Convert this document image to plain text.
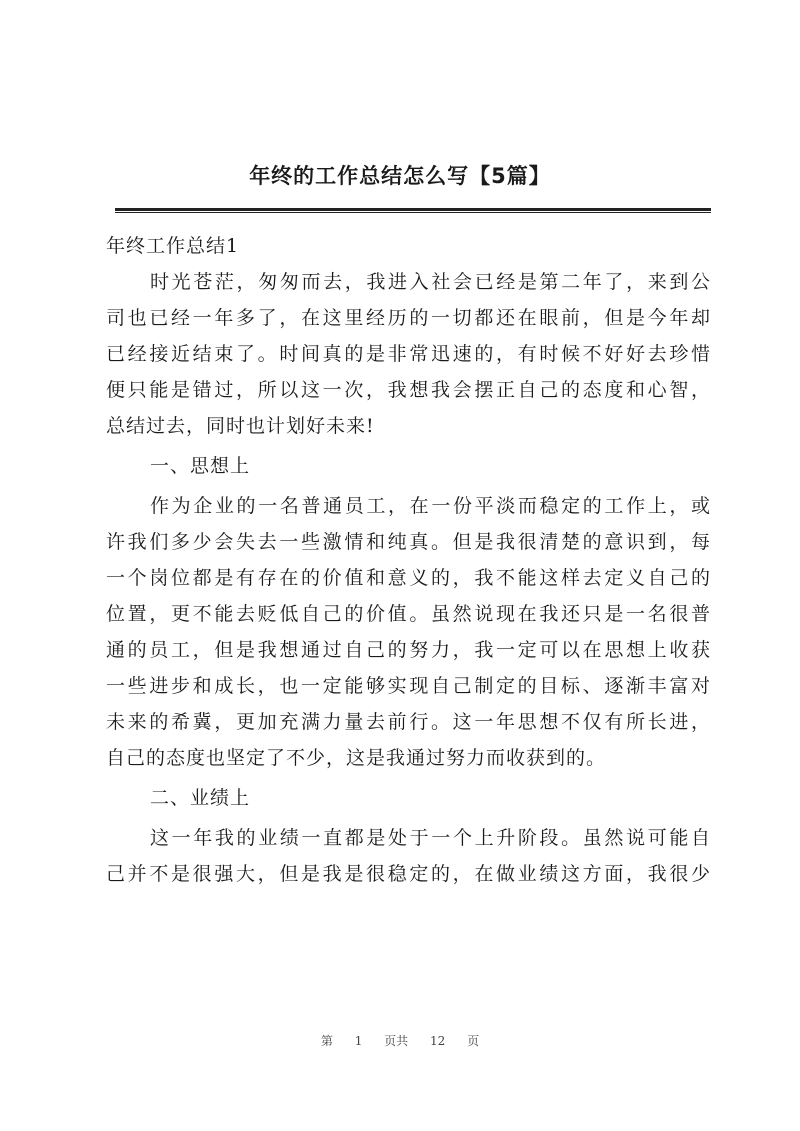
年终的工作总结怎么写【5篇】
年终工作总结1
时光苍茫，匆匆而去，我进入社会已经是第二年了，来到公
司也已经一年多了，在这里经历的一切都还在眼前，但是今年却
已经接近结束了。时间真的是非常迅速的，有时候不好好去珍惜
便只能是错过，所以这一次，我想我会摆正自己的态度和心智，
总结过去，同时也计划好未来!
一、思想上
作为企业的一名普通员工，在一份平淡而稳定的工作上，或
许我们多少会失去一些激情和纯真。但是我很清楚的意识到，每
一个岗位都是有存在的价值和意义的，我不能这样去定义自己的
位置，更不能去贬低自己的价值。虽然说现在我还只是一名很普
通的员工，但是我想通过自己的努力，我一定可以在思想上收获
一些进步和成长，也一定能够实现自己制定的目标、逐渐丰富对
未来的希冀，更加充满力量去前行。这一年思想不仅有所长进，
自己的态度也坚定了不少，这是我通过努力而收获到的。
二、业绩上
这一年我的业绩一直都是处于一个上升阶段。虽然说可能自
己并不是很强大，但是我是很稳定的，在做业绩这方面，我很少
第 1 页共 12 页
